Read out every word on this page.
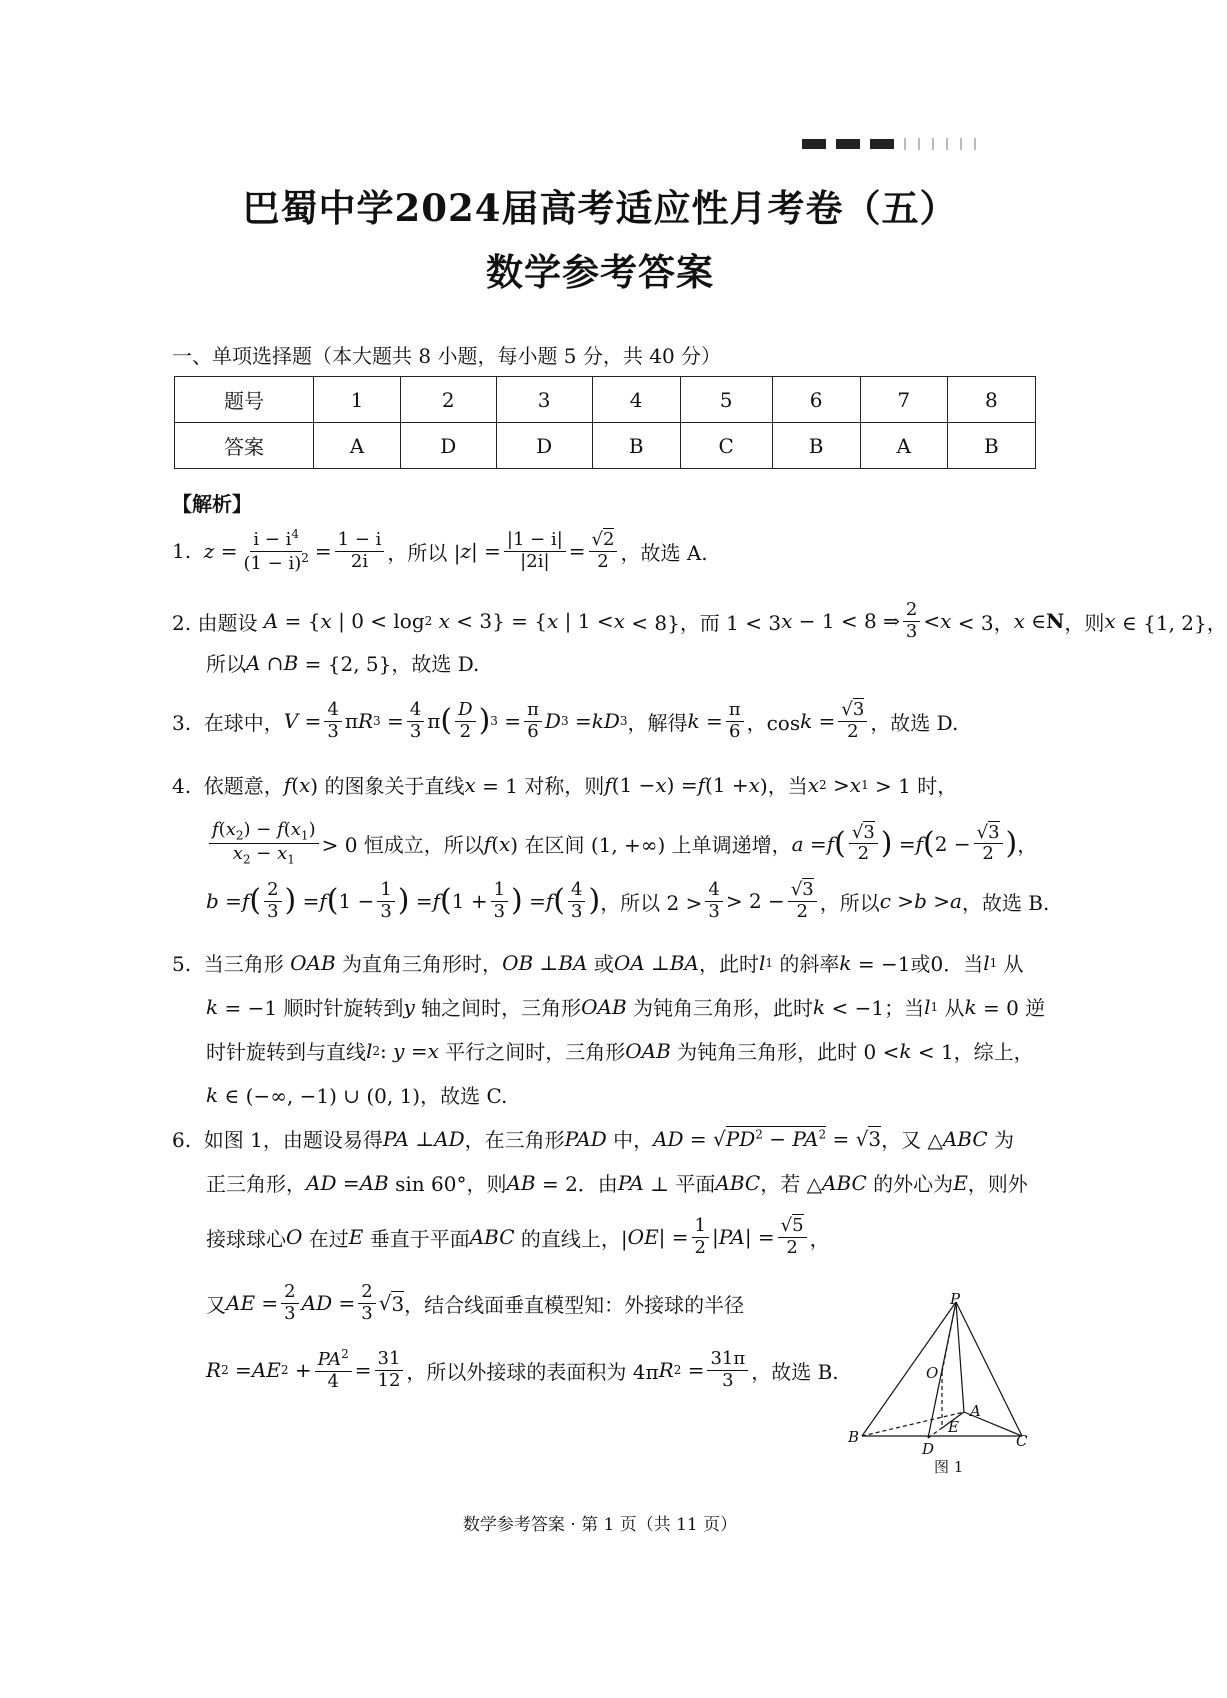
巴蜀中学2024届高考适应性月考卷（五）
数学参考答案
一、单项选择题（本大题共 8 小题，每小题 5 分，共 40 分）
题号	1	2	3	4	5	6	7	8
答案	A	D	D	B	C	B	A	B
【解析】
1. $z = \frac{i - i^4}{(1 - i)^2} = \frac{1 - i}{2i}$ ，所以 | z | = $\frac{|1 - i|}{|2i|} = \frac{√2}{2}$ ，故选 A.
2. 由题设 A = { x | 0 < log 2
x < 3} = { x | 1 < x < 8}，而 1 < 3 x − 1 < 8 ⇒ $\frac{2}{3} < x < 3$， x ∈ N ，则 x ∈ {1, 2}，
所以 A ∩ B = {2, 5}，故选 D.
3.  在球中， $V = \frac{4}{3}$ π R $3 = \frac{4}{3}$ π ( $\frac{D}{2}$ ) $3 = \frac{\pi}{6}$ D 3 = kD 3 ，解得 $k = \frac{\pi}{6}$ ，$\cos k = \frac{√3}{2}$ ，故选 D.
4.  依题意， f ( x ) 的图象关于直线 x = 1 对称，则 f (1 − x ) = f (1 + x )，当 x 2 > x 1 > 1 时，
$\frac{f(x_2) - f(x_1)}{x_2 - x_1} > 0$ 恒成立，所以 f ( x ) 在区间 (1, +∞) 上单调递增， a = f ( $\frac{√3}{2}$ ) = f ( $2 - \frac{√3}{2}$ ) ，
b = f ( $\frac{2}{3}$ ) = f ( $1 - \frac{1}{3}$ ) = f ( $1 + \frac{1}{3}$ ) = f ( $\frac{4}{3}$ ) ，所以 $2 > \frac{4}{3} > 2 - \frac{√3}{2}$ ，所以 c > b > a ，故选 B.
5.  当三角形 OAB 为直角三角形时， OB ⊥ BA 或 OA ⊥ BA ，此时 l 1 的斜率 k = −1或0．当 l 1 从
k = −1 顺时针旋转到 y 轴之间时，三角形 OAB 为钝角三角形，此时 k < −1；当 l 1 从 k = 0 逆
时针旋转到与直线 l 2 : y = x 平行之间时，三角形 OAB 为钝角三角形，此时 0 < k < 1，综上，
k ∈ (−∞, −1) ∪ (0, 1)，故选 C.
6.  如图 1，由题设易得 PA ⊥ AD ，在三角形 PAD 中， AD = √ $PD^2 - PA^2$ = √ 3 ，又 △ ABC 为
正三角形， AD = AB sin 60°，则 AB = 2．由 PA ⊥ 平面 ABC ，若 △ ABC 的外心为 E ，则外
接球球心 O 在过 E 垂直于平面 ABC 的直线上，| OE | = $\frac{1}{2}$ | PA | = $\frac{√5}{2}$ ，
又 AE = $\frac{2}{3}$ AD = $\frac{2}{3}$ √ 3 ，结合线面垂直模型知：外接球的半径
R 2 = AE $2 + \frac{PA^2}{4} = \frac{31}{12}$ ，所以外接球的表面积为 4π R $2 = \frac{31\pi}{3}$ ，故选 B.
P
O
A
B	C
D
E
图 1
数学参考答案 · 第 1 页（共 11 页）
